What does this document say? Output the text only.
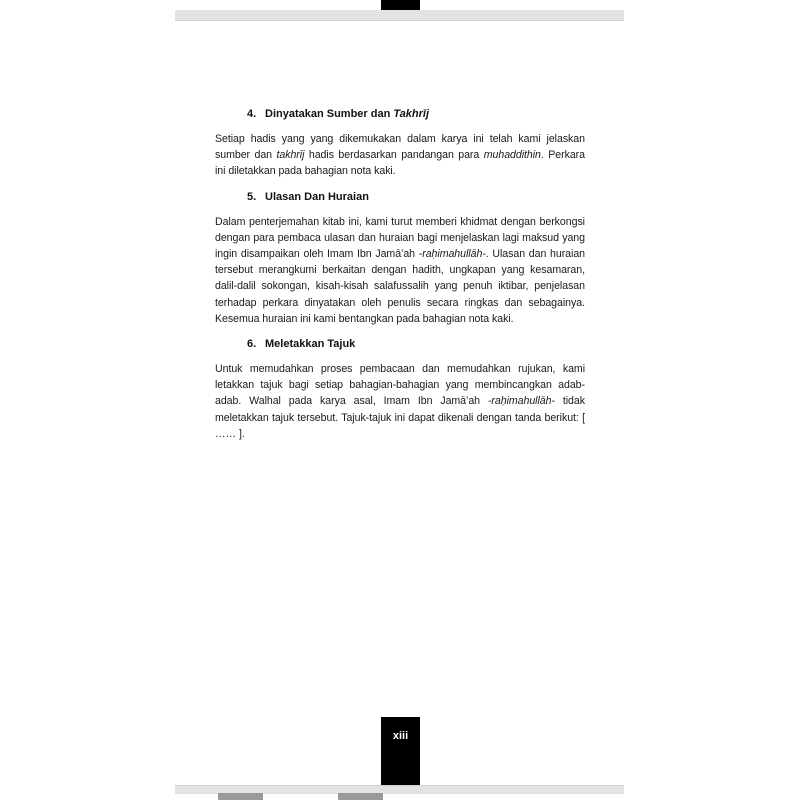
4. Dinyatakan Sumber dan Takhrīj

Setiap hadis yang yang dikemukakan dalam karya ini telah kami jelaskan sumber dan takhrīj hadis berdasarkan pandangan para muhaddithin. Perkara ini diletakkan pada bahagian nota kaki.

5. Ulasan Dan Huraian

Dalam penterjemahan kitab ini, kami turut memberi khidmat dengan berkongsi dengan para pembaca ulasan dan huraian bagi menjelaskan lagi maksud yang ingin disampaikan oleh Imam Ibn Jamā’ah -raḥimahullāh-. Ulasan dan huraian tersebut merangkumi berkaitan dengan hadith, ungkapan yang kesamaran, dalil-dalil sokongan, kisah-kisah salafussalih yang penuh iktibar, penjelasan terhadap perkara dinyatakan oleh penulis secara ringkas dan sebagainya. Kesemua huraian ini kami bentangkan pada bahagian nota kaki.

6. Meletakkan Tajuk

Untuk memudahkan proses pembacaan dan memudahkan rujukan, kami letakkan tajuk bagi setiap bahagian-bahagian yang membincangkan adab-adab. Walhal pada karya asal, Imam Ibn Jamā’ah -raḥimahullāh- tidak meletakkan tajuk tersebut. Tajuk-tajuk ini dapat dikenali dengan tanda berikut: [ …… ].

xiii
